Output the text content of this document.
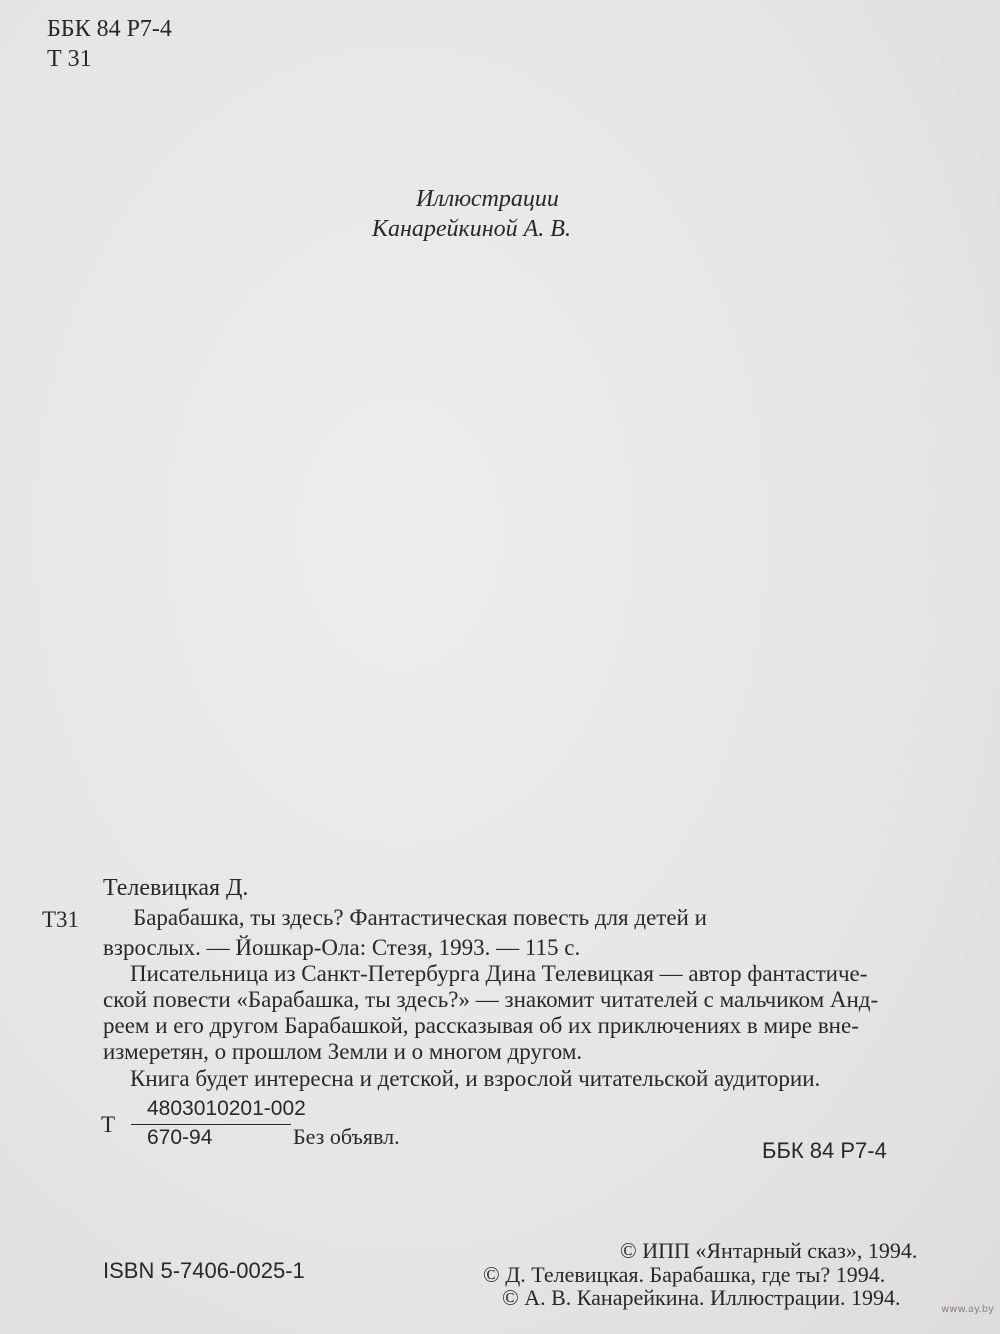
ББК 84 Р7-4
Т 31
Иллюстрации
Канарейкиной А. В.
Телевицкая Д.
Т31 Барабашка, ты здесь? Фантастическая повесть для детей и
взрослых. — Йошкар-Ола: Стезя, 1993. — 115 с.
Писательница из Санкт-Петербурга Дина Телевицкая — автор фантастиче-
ской повести «Барабашка, ты здесь?» — знакомит читателей с мальчиком Анд-
реем и его другом Барабашкой, рассказывая об их приключениях в мире вне-
измеретян, о прошлом Земли и о многом другом.
Книга будет интересна и детской, и взрослой читательской аудитории.
Т
4803010201-002
670-94	Без объявл.
ББК 84 Р7-4
ISBN 5-7406-0025-1
© ИПП «Янтарный сказ», 1994.
© Д. Телевицкая. Барабашка, где ты? 1994.
© А. В. Канарейкина. Иллюстрации. 1994.	www.ay.by
